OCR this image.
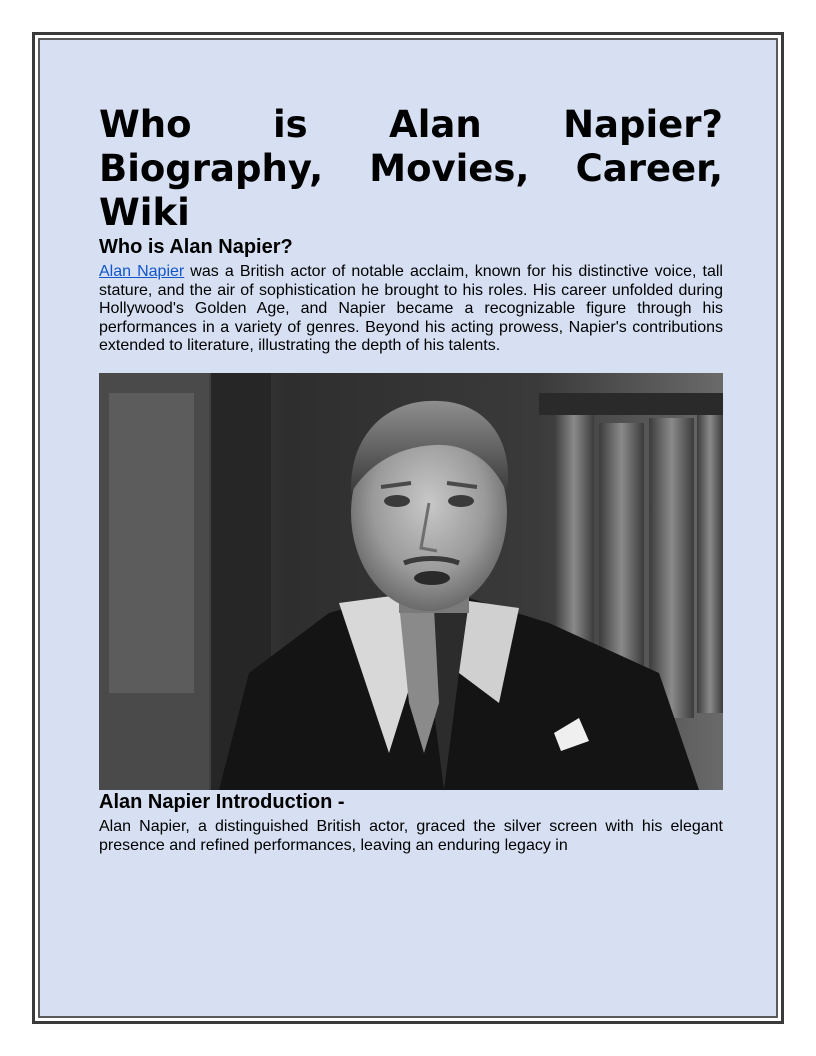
Who is Alan Napier? Biography, Movies, Career, Wiki
Who is Alan Napier?

Alan Napier was a British actor of notable acclaim, known for his distinctive voice, tall stature, and the air of sophistication he brought to his roles. His career unfolded during Hollywood's Golden Age, and Napier became a recognizable figure through his performances in a variety of genres. Beyond his acting prowess, Napier's contributions extended to literature, illustrating the depth of his talents.

Alan Napier Introduction -

Alan Napier, a distinguished British actor, graced the silver screen with his elegant presence and refined performances, leaving an enduring legacy in
